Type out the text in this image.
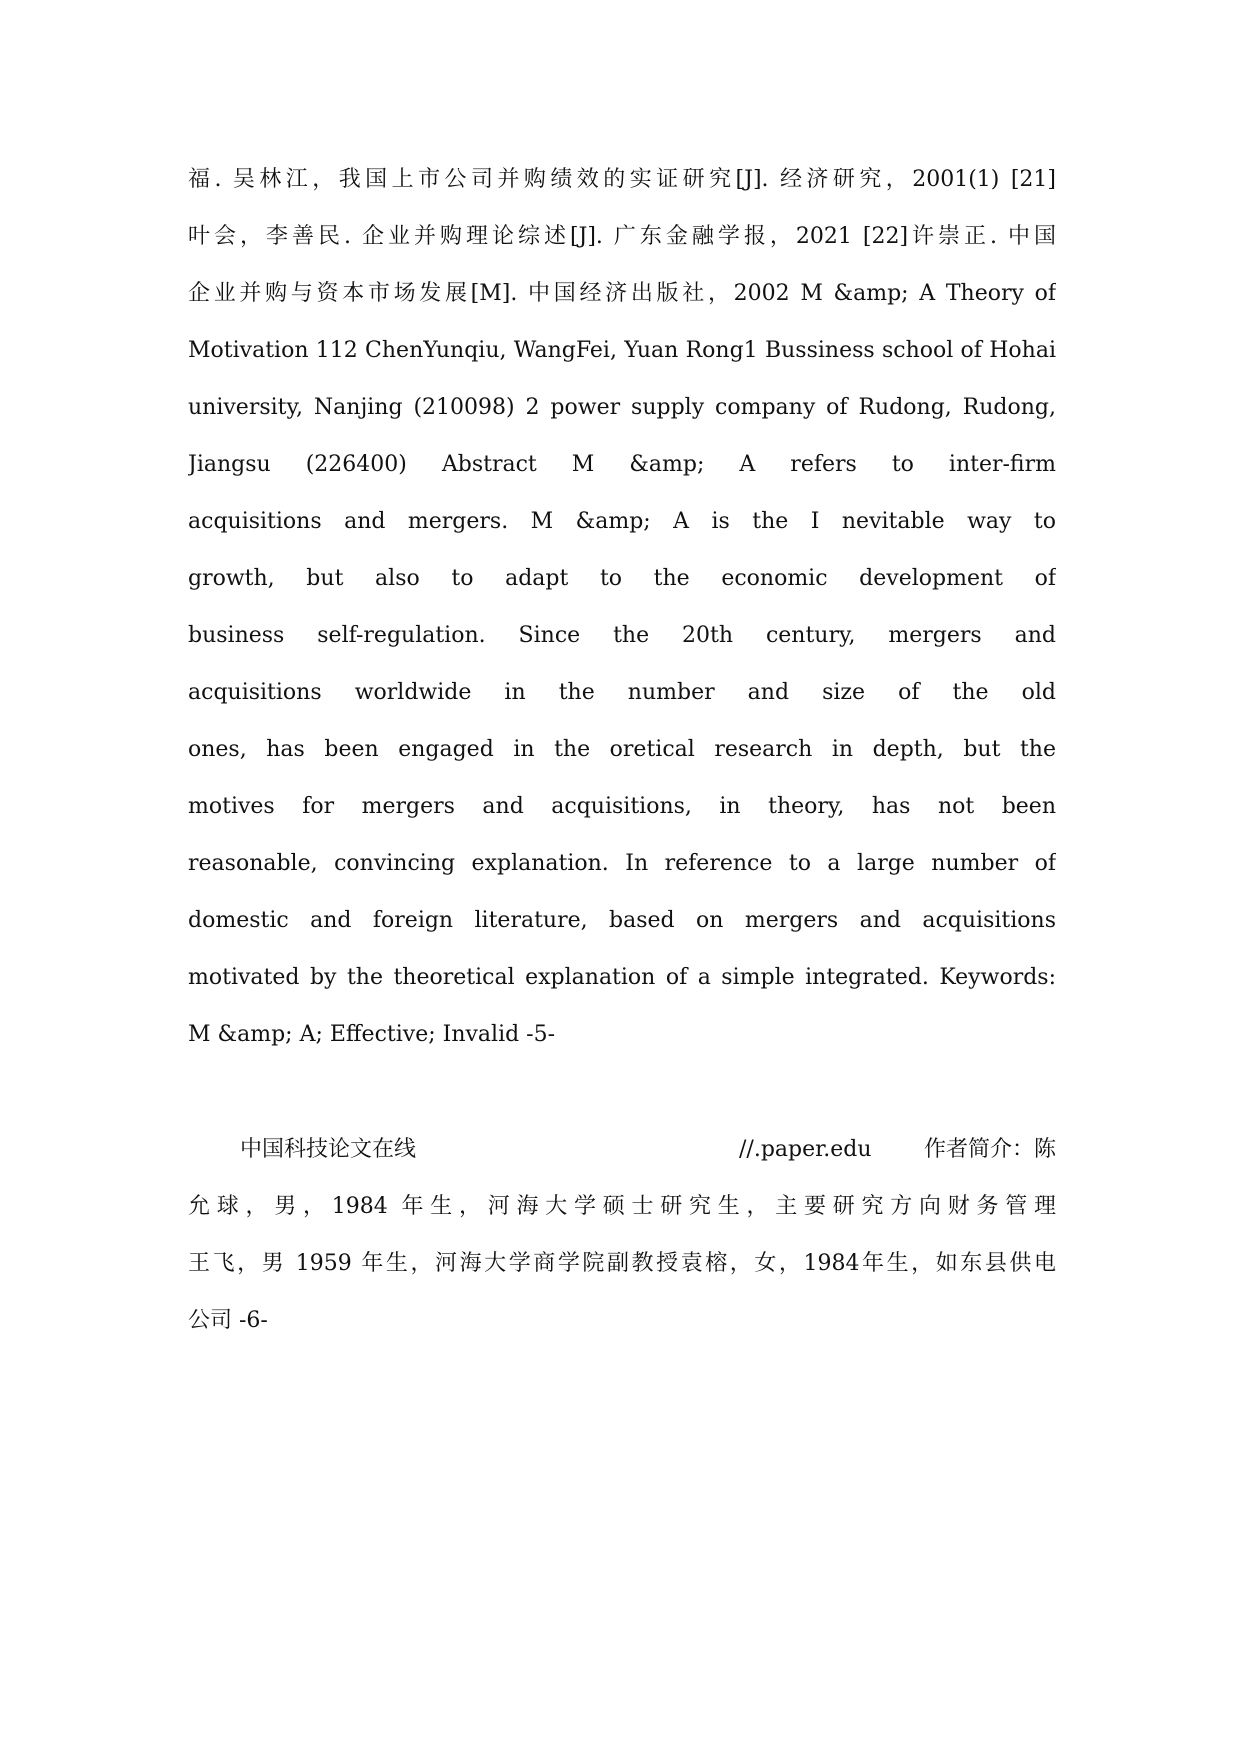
福. 吴林江，我国上市公司并购绩效的实证研究[J]. 经济研究，2001(1) [21]
叶会，李善民. 企业并购理论综述[J]. 广东金融学报，2021 [22]许崇正. 中国
企业并购与资本市场发展[M]. 中国经济出版社，2002 M &amp; A Theory of
Motivation 112 ChenYunqiu, WangFei, Yuan Rong1 Bussiness school of Hohai
university, Nanjing (210098) 2 power supply company of Rudong, Rudong,
Jiangsu (226400) Abstract M &amp; A refers to inter-firm
acquisitions and mergers. M &amp; A is the I nevitable way to
growth, but also to adapt to the economic development of
business self-regulation. Since the 20th century, mergers and
acquisitions worldwide in the number and size of the old
ones, has been engaged in the oretical research in depth, but the
motives for mergers and acquisitions, in theory, has not been
reasonable, convincing explanation. In reference to a large number of
domestic and foreign literature, based on mergers and acquisitions
motivated by the theoretical explanation of a simple integrated. Keywords:
M &amp; A; Effective; Invalid -5-
中国科技论文在线	//.paper.edu 作者简介：陈
允球，男，1984 年生，河海大学硕士研究生，主要研究方向财务管理
王飞，男 1959 年生，河海大学商学院副教授袁榕，女，1984年生，如东县供电
公司 -6-
